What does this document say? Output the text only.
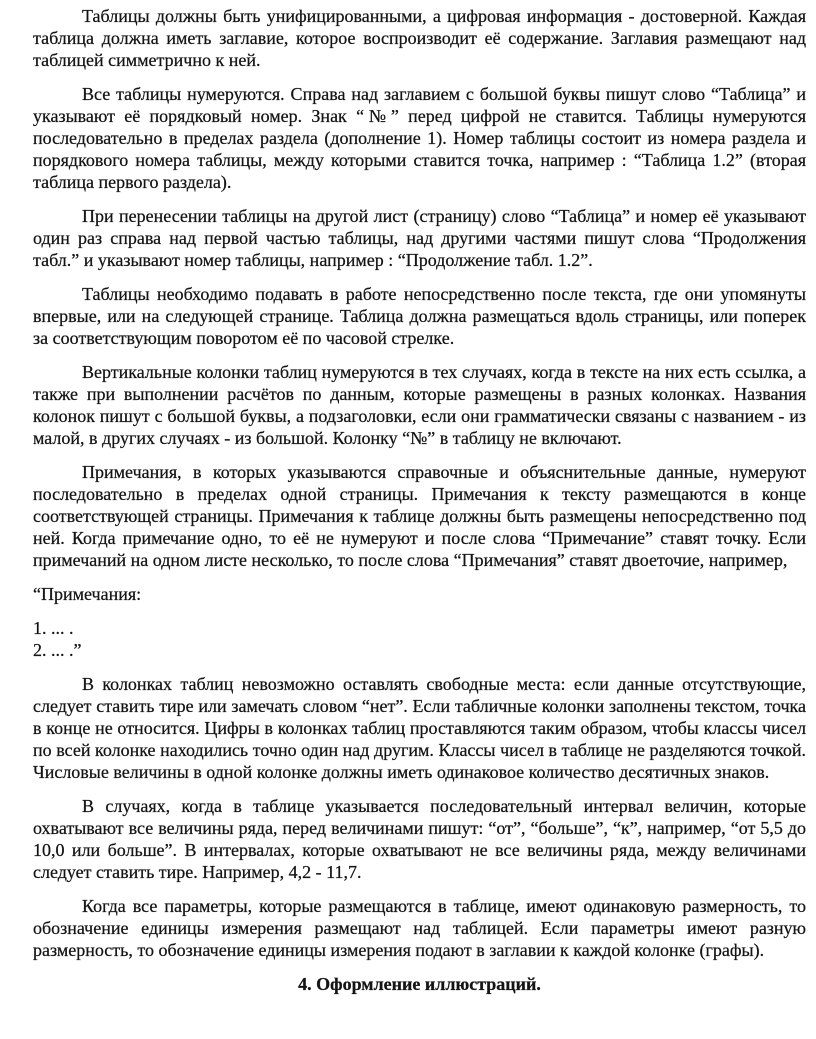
Таблицы должны быть унифицированными, а цифровая информация - достоверной. Каждая таблица должна иметь заглавие, которое воспроизводит её содержание. Заглавия размещают над таблицей симметрично к ней.

Все таблицы нумеруются. Справа над заглавием с большой буквы пишут слово “Таблица” и указывают её порядковый номер. Знак “№” перед цифрой не ставится. Таблицы нумеруются последовательно в пределах раздела (дополнение 1). Номер таблицы состоит из номера раздела и порядкового номера таблицы, между которыми ставится точка, например : “Таблица 1.2” (вторая таблица первого раздела).

При перенесении таблицы на другой лист (страницу) слово “Таблица” и номер её указывают один раз справа над первой частью таблицы, над другими частями пишут слова “Продолжения табл.” и указывают номер таблицы, например : “Продолжение табл. 1.2”.

Таблицы необходимо подавать в работе непосредственно после текста, где они упомянуты впервые, или на следующей странице. Таблица должна размещаться вдоль страницы, или поперек за соответствующим поворотом её по часовой стрелке.

Вертикальные колонки таблиц нумеруются в тех случаях, когда в тексте на них есть ссылка, а также при выполнении расчётов по данным, которые размещены в разных колонках. Названия колонок пишут с большой буквы, а подзаголовки, если они грамматически связаны с названием - из малой, в других случаях - из большой. Колонку “№” в таблицу не включают.

Примечания, в которых указываются справочные и объяснительные данные, нумеруют последовательно в пределах одной страницы. Примечания к тексту размещаются в конце соответствующей страницы. Примечания к таблице должны быть размещены непосредственно под ней. Когда примечание одно, то её не нумеруют и после слова “Примечание” ставят точку. Если примечаний на одном листе несколько, то после слова “Примечания” ставят двоеточие, например,

“Примечания:

1. ... .

2. ... .”

В колонках таблиц невозможно оставлять свободные места: если данные отсутствующие, следует ставить тире или замечать словом “нет”. Если табличные колонки заполнены текстом, точка в конце не относится. Цифры в колонках таблиц проставляются таким образом, чтобы классы чисел по всей колонке находились точно один над другим. Классы чисел в таблице не разделяются точкой. Числовые величины в одной колонке должны иметь одинаковое количество десятичных знаков.

В случаях, когда в таблице указывается последовательный интервал величин, которые охватывают все величины ряда, перед величинами пишут: “от”, “больше”, “к”, например, “от 5,5 до 10,0 или больше”. В интервалах, которые охватывают не все величины ряда, между величинами следует ставить тире. Например, 4,2 - 11,7.

Когда все параметры, которые размещаются в таблице, имеют одинаковую размерность, то обозначение единицы измерения размещают над таблицей. Если параметры имеют разную размерность, то обозначение единицы измерения подают в заглавии к каждой колонке (графы).

4. Оформление иллюстраций.
